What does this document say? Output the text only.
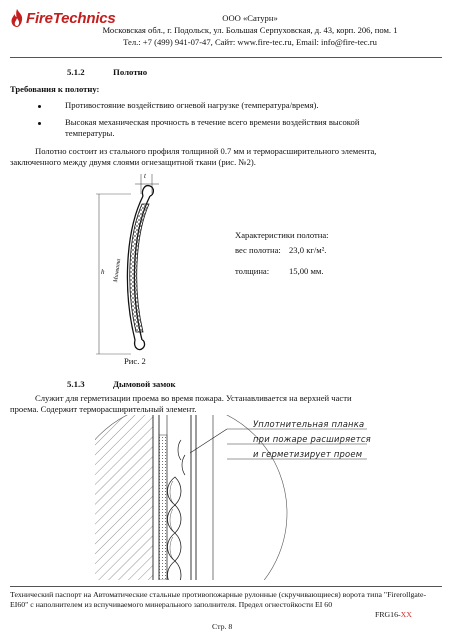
FireTechnics	ООО «Сатурн»
Московская обл., г. Подольск, ул. Большая Серпуховская, д. 43, корп. 206, пом. 1
Тел.: +7 (499) 941-07-47, Сайт: www.fire-tec.ru, Email: info@fire-tec.ru
5.1.2	Полотно
Требования к полотну:
Противостояние воздействию огневой нагрузке (температура/время).
Высокая механическая прочность в течение всего времени воздействия высокой
температуры.
Полотно состоит из стального профиля толщиной 0.7 мм и терморасширительного элемента,
заключенного между двумя слоями огнезащитной ткани (рис. №2).
t
h Минвата
Рис. 2
Характеристики полотна:
вес полотна: 23,0 кг/м².
толщина: 15,00 мм.
5.1.3	Дымовой замок
Служит для герметизации проема во время пожара. Устанавливается на верхней части
проема. Содержит терморасширительный элемент.
Уплотнительная планка
при пожаре расширяется
и герметизирует проем
Технический паспорт на Автоматические стальные противопожарные рулонные (скручивающиеся) ворота типа "Firerollgate-
EI60" с наполнителем из вспучиваемого минерального заполнителя. Предел огнестойкости EI 60
FRG16-XX
Стр. 8
